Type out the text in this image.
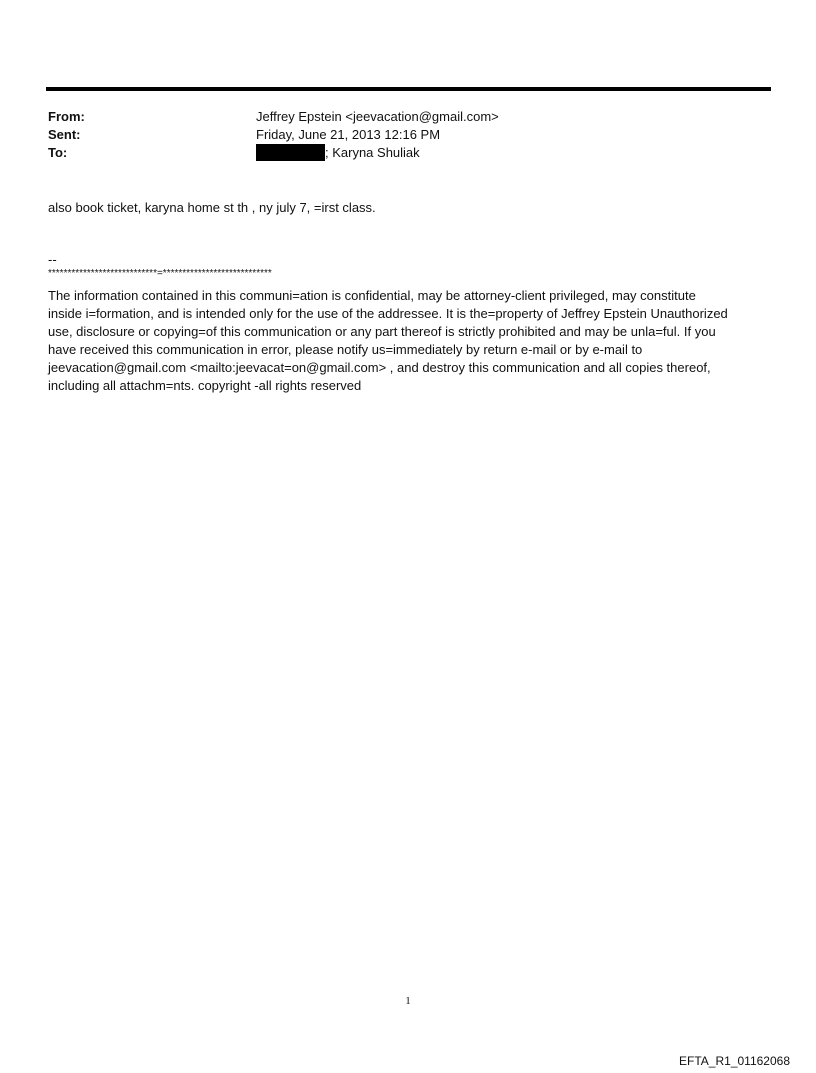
From:	Jeffrey Epstein <jeevacation@gmail.com>
Sent:	Friday, June 21, 2013 12:16 PM
To:	; Karyna Shuliak
also book ticket, karyna home st th , ny july 7, =irst class.
--
****************************=****************************
The information contained in this communi=ation is confidential, may be attorney-client privileged, may constitute
inside i=formation, and is intended only for the use of the addressee. It is the=property of Jeffrey Epstein Unauthorized
use, disclosure or copying=of this communication or any part thereof is strictly prohibited and may be unla=ful. If you
have received this communication in error, please notify us=immediately by return e-mail or by e-mail to
jeevacation@gmail.com <mailto:jeevacat=on@gmail.com> , and destroy this communication and all copies thereof,
including all attachm=nts. copyright -all rights reserved
1
EFTA_R1_01162068
